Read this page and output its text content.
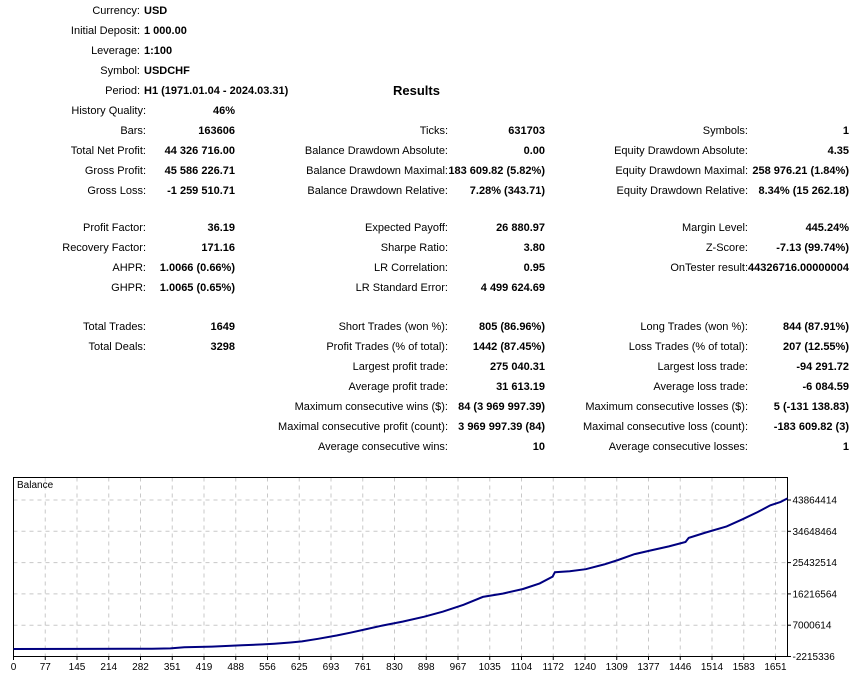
Currency: USD
Initial Deposit: 1 000.00
Leverage: 1:100
Symbol: USDCHF
Period: H1 (1971.01.04 - 2024.03.31)	Results
History Quality:	46%
Bars:	163606	Ticks:	631703	Symbols:	1
Total Net Profit: 44 326 716.00	Balance Drawdown Absolute:	0.00	Equity Drawdown Absolute:	4.35
Gross Profit: 45 586 226.71	Balance Drawdown Maximal: 183 609.82 (5.82%)	Equity Drawdown Maximal: 258 976.21 (1.84%)
Gross Loss: -1 259 510.71	Balance Drawdown Relative: 7.28% (343.71)	Equity Drawdown Relative: 8.34% (15 262.18)
Profit Factor:	36.19	Expected Payoff:	26 880.97	Margin Level:	445.24%
Recovery Factor:	171.16	Sharpe Ratio:	3.80	Z-Score:	-7.13 (99.74%)
AHPR: 1.0066 (0.66%)	LR Correlation:	0.95	OnTester result: 44326716.00000004
GHPR: 1.0065 (0.65%)	LR Standard Error:	4 499 624.69
Total Trades:	1649	Short Trades (won %):	805 (86.96%)	Long Trades (won %):	844 (87.91%)
Total Deals:	3298	Profit Trades (% of total): 1442 (87.45%)	Loss Trades (% of total):	207 (12.55%)
Largest profit trade:	275 040.31	Largest loss trade:	-94 291.72
Average profit trade:	31 613.19	Average loss trade:	-6 084.59
Maximum consecutive wins ($): 84 (3 969 997.39)	Maximum consecutive losses ($): 5 (-131 138.83)
Maximal consecutive profit (count): 3 969 997.39 (84)	Maximal consecutive loss (count): -183 609.82 (3)
Average consecutive wins:	10	Average consecutive losses:	1
43864414
34648464
25432514
16216564
7000614
-2215336
0 77 145 214 282 351 419 488 556 625 693 761 830 898 967 1035 1104 1172 1240 1309 1377 1446 1514 1583 1651
Balance
